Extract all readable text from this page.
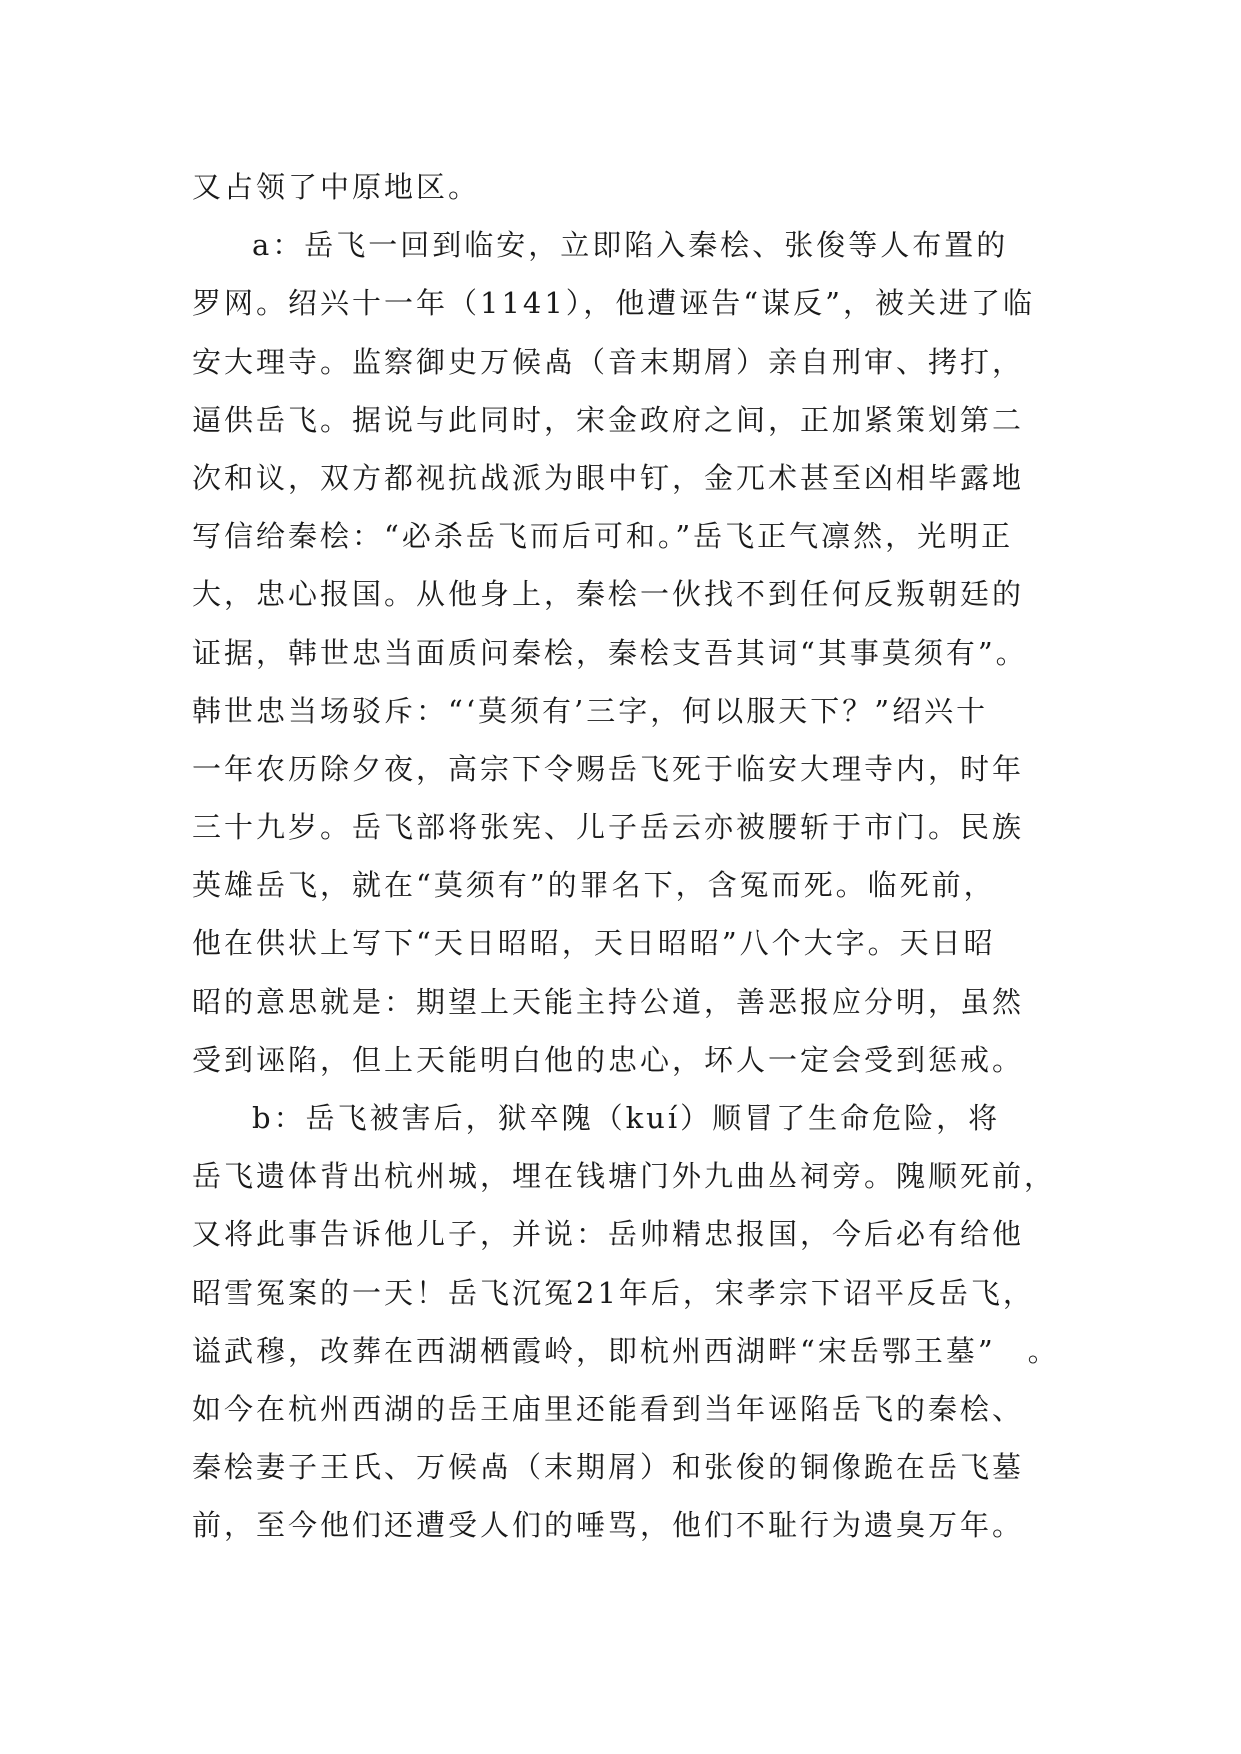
又占领了中原地区。
a：岳飞一回到临安，立即陷入秦桧、张俊等人布置的
罗网。绍兴十一年（1141），他遭诬告“谋反”，被关进了临
安大理寺。监察御史万候卨（音末期屑）亲自刑审、拷打，
逼供岳飞。据说与此同时，宋金政府之间，正加紧策划第二
次和议，双方都视抗战派为眼中钉，金兀术甚至凶相毕露地
写信给秦桧：“必杀岳飞而后可和。”岳飞正气凛然，光明正
大，忠心报国。从他身上，秦桧一伙找不到任何反叛朝廷的
证据，韩世忠当面质问秦桧，秦桧支吾其词“其事莫须有”。
韩世忠当场驳斥：“‘莫须有’三字，何以服天下？”绍兴十
一年农历除夕夜，高宗下令赐岳飞死于临安大理寺内，时年
三十九岁。岳飞部将张宪、儿子岳云亦被腰斩于市门。民族
英雄岳飞，就在“莫须有”的罪名下，含冤而死。临死前，
他在供状上写下“天日昭昭，天日昭昭”八个大字。天日昭
昭的意思就是：期望上天能主持公道，善恶报应分明，虽然
受到诬陷，但上天能明白他的忠心，坏人一定会受到惩戒。
b：岳飞被害后，狱卒隗（kuí）顺冒了生命危险，将
岳飞遗体背出杭州城，埋在钱塘门外九曲丛祠旁。隗顺死前，
又将此事告诉他儿子，并说：岳帅精忠报国，今后必有给他
昭雪冤案的一天！岳飞沉冤21年后，宋孝宗下诏平反岳飞，
谥武穆，改葬在西湖栖霞岭，即杭州西湖畔“宋岳鄂王墓”　。
如今在杭州西湖的岳王庙里还能看到当年诬陷岳飞的秦桧、
秦桧妻子王氏、万候卨（末期屑）和张俊的铜像跪在岳飞墓
前，至今他们还遭受人们的唾骂，他们不耻行为遗臭万年。
